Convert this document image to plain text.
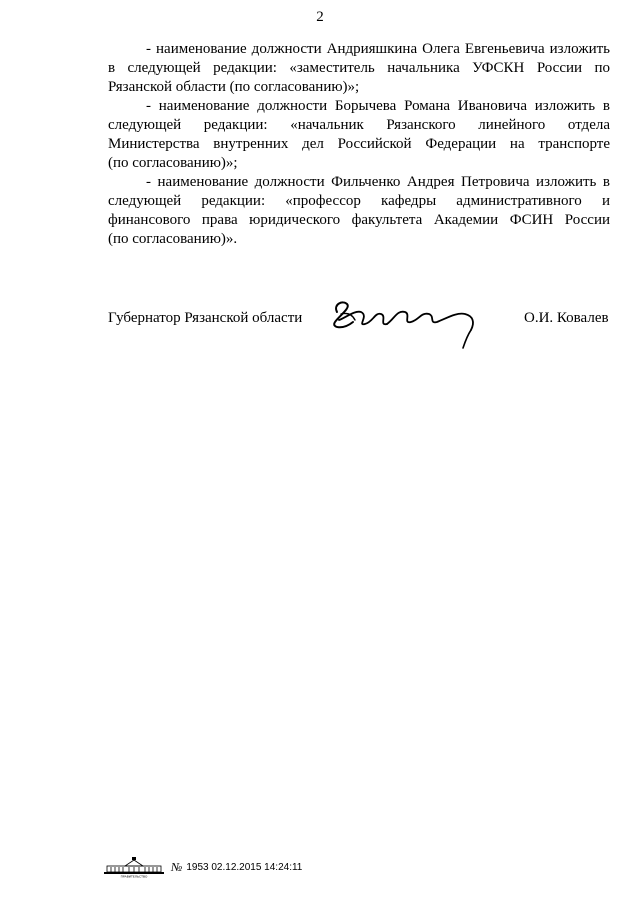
2
- наименование должности Андрияшкина Олега Евгеньевича изложить
в следующей редакции: «заместитель начальника УФСКН России по
Рязанской области (по согласованию)»;
- наименование должности Борычева Романа Ивановича изложить в
следующей редакции: «начальник Рязанского линейного отдела
Министерства внутренних дел Российской Федерации на транспорте
(по согласованию)»;
- наименование должности Фильченко Андрея Петровича изложить в
следующей редакции: «профессор кафедры административного и
финансового права юридического факультета Академии ФСИН России
(по согласованию)».
Губернатор Рязанской области	О.И. Ковалев
ПРАВИТЕЛЬСТВО
№ 1953 02.12.2015 14:24:11
